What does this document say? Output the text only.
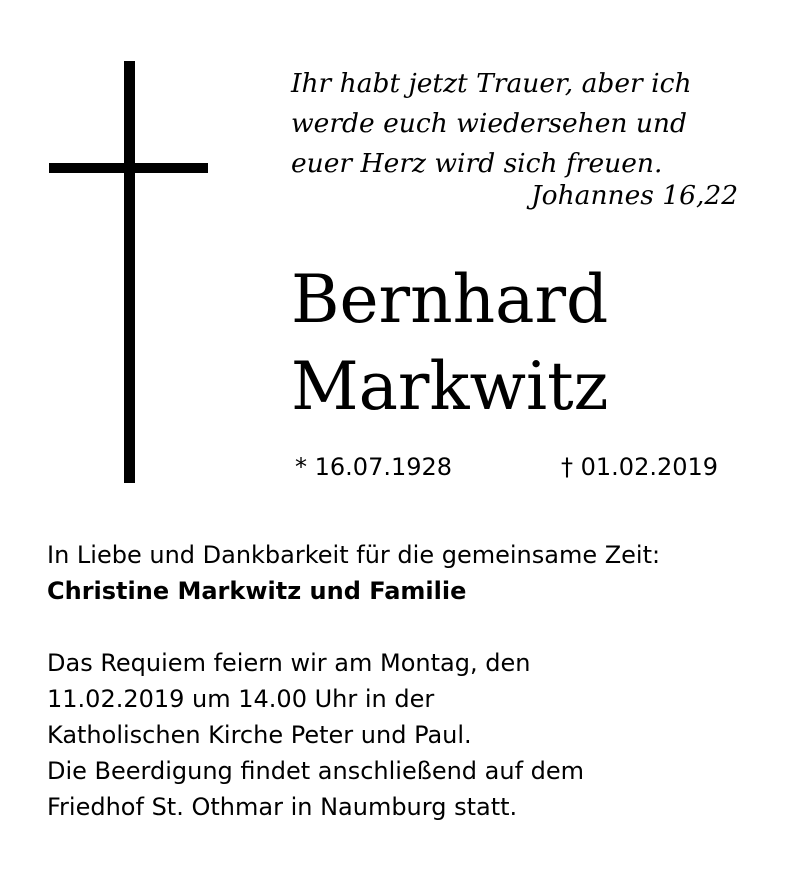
Ihr habt jetzt Trauer, aber ich
werde euch wiedersehen und
euer Herz wird sich freuen.
Johannes 16,22
Bernhard
Markwitz
* 16.07.1928	† 01.02.2019
In Liebe und Dankbarkeit für die gemeinsame Zeit:
Christine Markwitz und Familie
Das Requiem feiern wir am Montag, den
11.02.2019 um 14.00 Uhr in der
Katholischen Kirche Peter und Paul.
Die Beerdigung findet anschließend auf dem
Friedhof St. Othmar in Naumburg statt.
